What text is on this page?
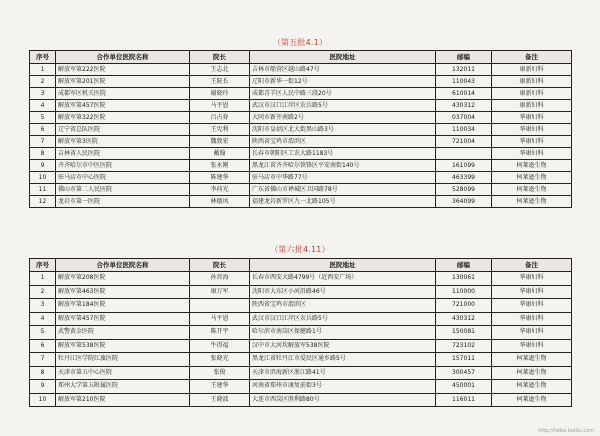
（第五批4.1）
序号	合作单位医院名称	院长	医院地址	邮编	备注
1	解放军第222医院	王志北	吉林市船营区越山路47号	132011	康新妇科
2	解放军第201医院	王院长	辽阳市新华一街12号	110043	康新妇科
3	成都军区机关医院	谢晓玲	成都青羊区人民中路三段20号	610014	康新妇科
4	解放军第457医院	马平恩	武汉市汉口江岸区农兵路5号	430312	康新妇科
5	解放军第322医院	吕占券	大同市新开南路2号	037004	华康妇科
6	辽宁省总队医院	王宪利	沈阳市皇姑区北大街黑山路3号	110034	华康妇科
7	解放军第3医院	魏敦宏	陕西省宝鸡市渭滨区	721004	华康妇科
8	吉林省人民医院	戴翰	长春市朝阳区工农大路1183号		华康妇科
9	齐齐哈尔市中医医院	张永刚	黑龙江省齐齐哈尔铁锋区平安南街140号	161099	柯莱逊生物
10	驻马店市中心医院	陈建华	驻马店市中华路77号	463399	柯莱逊生物
11	佛山市第二人民医院	李荷光	广东省佛山市禅城区卫国路78号	528099	柯莱逊生物
12	龙岩市第一医院	林德凤	福建龙岩新罗区九一北路105号	364099	柯莱逊生物
（第六批4.11）
序号	合作单位医院名称	院长	医院地址	邮编	备注
1	解放军第208医院	孙晋海	长春市西安大路4799号（近西安广场）	130061	华康妇科
2	解放军第463医院	康万军	沈阳市大东区小河沿路46号	110000	华康妇科
3	解放军第184医院		陕西省宝鸡市渭滨区	721000	华康妇科
4	解放军第457医院	马平恩	武汉市汉口江岸区农兵路5号	430312	华康妇科
5	武警黄金医院	陈开宇	哈尔滨市南岗区保健路1号	150081	华康妇科
6	解放军第538医院	牛得福	汉中市大河坎解放军538医院	723102	华康妇科
7	牡丹江医学院红旗医院	张晓光	黑龙江省牡丹江市爱民区通乡路5号	157011	柯莱逊生物
8	天津市第五中心医院	张俊	天津市滨海新区浙江路41号	300457	柯莱逊生物
9	郑州大学第五附属医院	王建华	河南省郑州市康复前街3号	450001	柯莱逊生物
10	解放军第210医院	王晓波	大连市西岗区胜利路80号	116011	柯莱逊生物
http://tieba.baidu.com
